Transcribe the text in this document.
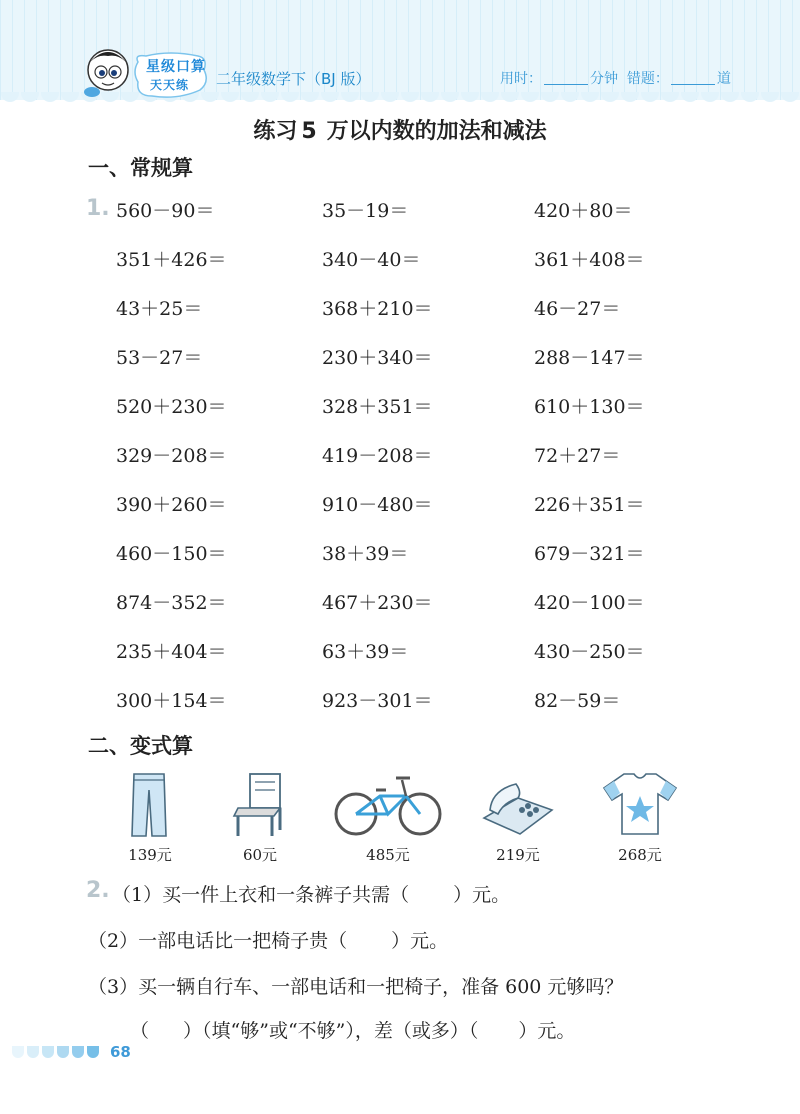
星级口算
天天练 二年级数学下（BJ 版）	用时：	分钟 错题：	道
练习 5 万以内数的加法和减法
一、常规算
1. 560－90＝	35－19＝	420＋80＝
351＋426＝	340－40＝	361＋408＝
43＋25＝	368＋210＝	46－27＝
53－27＝	230＋340＝	288－147＝
520＋230＝	328＋351＝	610＋130＝
329－208＝	419－208＝	72＋27＝
390＋260＝	910－480＝	226＋351＝
460－150＝	38＋39＝	679－321＝
874－352＝	467＋230＝	420－100＝
235＋404＝	63＋39＝	430－250＝
300＋154＝	923－301＝	82－59＝
二、变式算
139元	60元	485元	219元	268元
2. （1）买一件上衣和一条裤子共需（ ）元。
（2）一部电话比一把椅子贵（ ）元。
（3）买一辆自行车、一部电话和一把椅子，准备 600 元够吗？
（ ）（填“够”或“不够”），差（或多）（ ）元。
68
